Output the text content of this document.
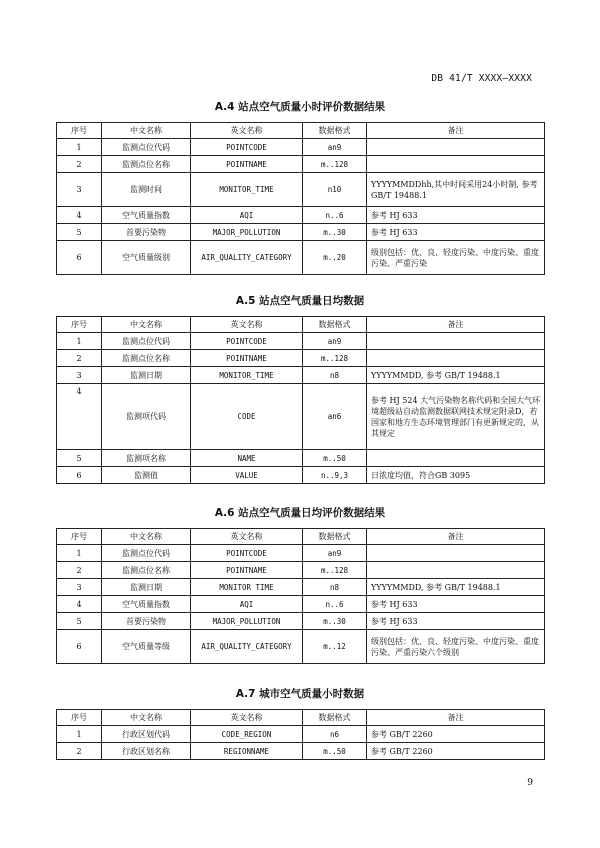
DB 41/T XXXX—XXXX
A.4 站点空气质量小时评价数据结果
序号	中文名称	英文名称	数据格式	备注
1	监测点位代码	POINTCODE	an9	
2	监测点位名称	POINTNAME	m..128	
3	监测时间	MONITOR_TIME	n10	YYYYMMDDhh,其中时间采用24小时制, 参考GB/T 19488.1
4	空气质量指数	AQI	n..6	参考 HJ 633
5	首要污染物	MAJOR_POLLUTION	m..30	参考 HJ 633
6	空气质量级别	AIR_QUALITY_CATEGORY	m..20	级别包括：优、良、轻度污染、中度污染、重度污染、严重污染
A.5 站点空气质量日均数据
序号	中文名称	英文名称	数据格式	备注
1	监测点位代码	POINTCODE	an9	
2	监测点位名称	POINTNAME	m..128	
3	监测日期	MONITOR_TIME	n8	YYYYMMDD, 参考 GB/T 19488.1
4	监测项代码	CODE	an6	参考 HJ 524 大气污染物名称代码和全国大气环境超级站自动监测数据联网技术规定附录D，若国家和地方生态环境管理部门有更新规定的，从其规定
5	监测项名称	NAME	m..50	
6	监测值	VALUE	n..9,3	日浓度均值，符合GB 3095
A.6 站点空气质量日均评价数据结果
序号	中文名称	英文名称	数据格式	备注
1	监测点位代码	POINTCODE	an9	
2	监测点位名称	POINTNAME	m..128	
3	监测日期	MONITOR TIME	n8	YYYYMMDD, 参考 GB/T 19488.1
4	空气质量指数	AQI	n..6	参考 HJ 633
5	首要污染物	MAJOR_POLLUTION	m..30	参考 HJ 633
6	空气质量等级	AIR_QUALITY_CATEGORY	m..12	级别包括：优、良、轻度污染、中度污染、重度污染、严重污染六个级别
A.7 城市空气质量小时数据
序号	中文名称	英文名称	数据格式	备注
1	行政区划代码	CODE_REGION	n6	参考 GB/T 2260
2	行政区划名称	REGIONNAME	m..50	参考 GB/T 2260
9
